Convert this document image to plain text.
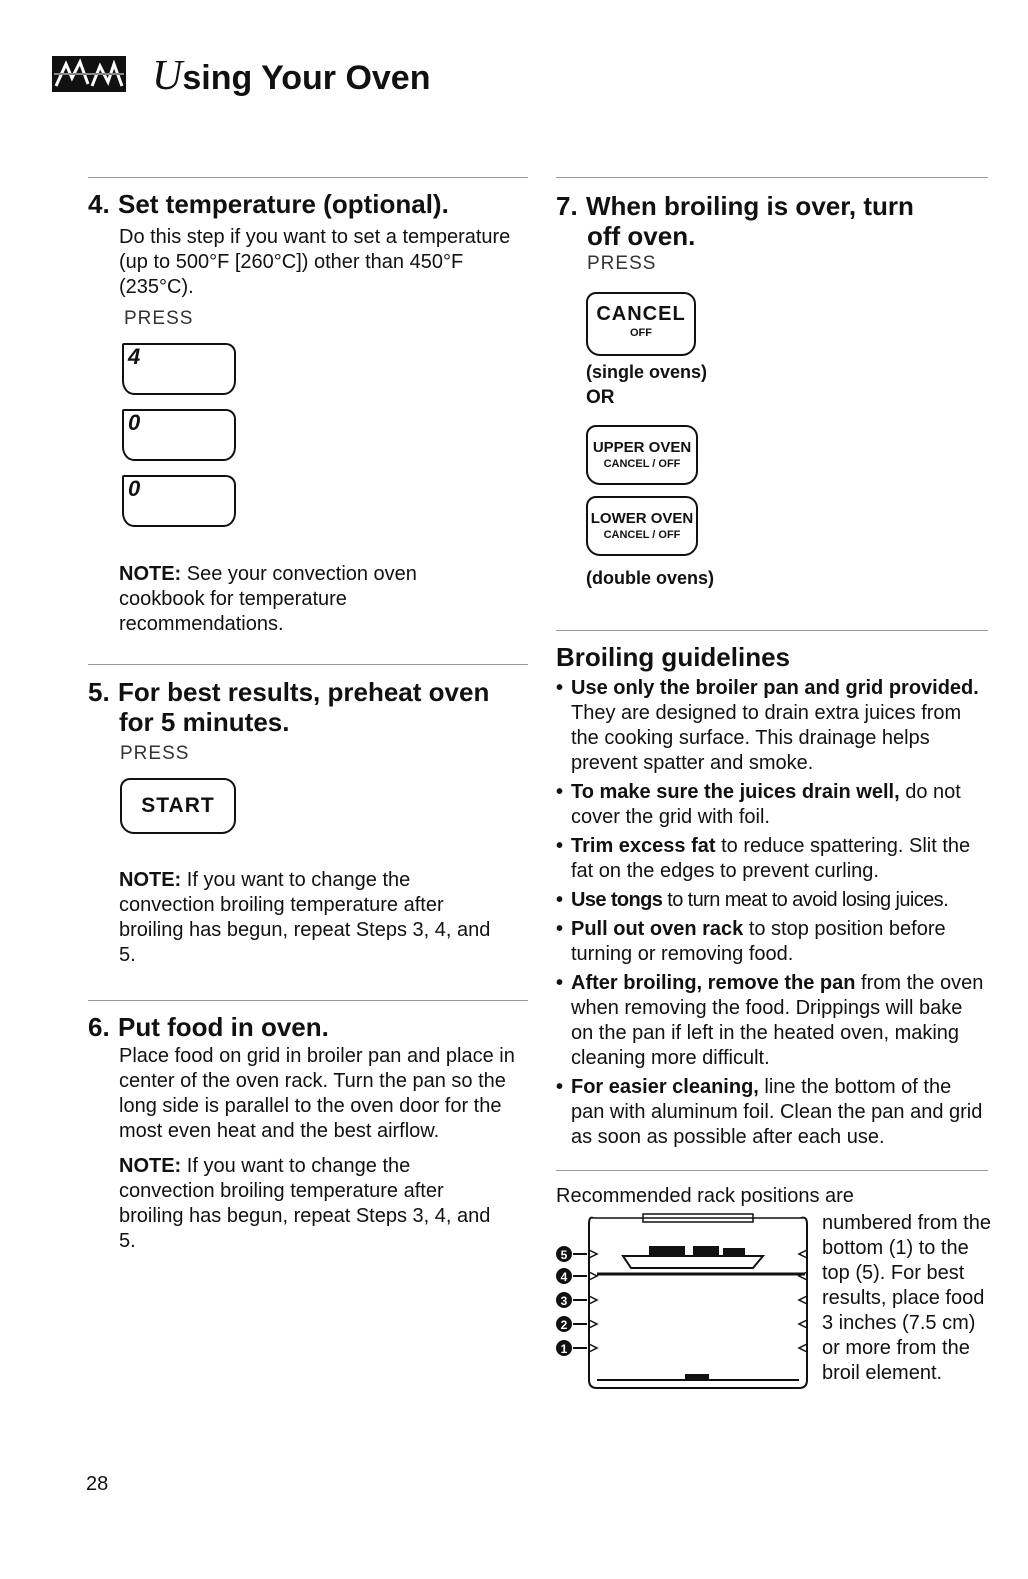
Using Your Oven
4. Set temperature (optional).

Do this step if you want to set a temperature (up to 500°F [260°C]) other than 450°F (235°C).

PRESS

4
0
0

NOTE: See your convection oven cookbook for temperature recommendations.

5. For best results, preheat oven
for 5 minutes.

PRESS

START

NOTE: If you want to change the convection broiling temperature after broiling has begun, repeat Steps 3, 4, and 5.

6. Put food in oven.

Place food on grid in broiler pan and place in center of the oven rack. Turn the pan so the long side is parallel to the oven door for the most even heat and the best airflow.

NOTE: If you want to change the convection broiling temperature after broiling has begun, repeat Steps 3, 4, and 5.

28
7. When broiling is over, turn
off oven.

PRESS

CANCEL
OFF
(single ovens)
OR
UPPER OVEN
CANCEL / OFF
LOWER OVEN
CANCEL / OFF
(double ovens)
Broiling guidelines
• Use only the broiler pan and grid provided. They are designed to drain extra juices from the cooking surface. This drainage helps prevent spatter and smoke.
• To make sure the juices drain well, do not cover the grid with foil.
• Trim excess fat to reduce spattering. Slit the fat on the edges to prevent curling.
• Use tongs to turn meat to avoid losing juices.
• Pull out oven rack to stop position before turning or removing food.
• After broiling, remove the pan from the oven when removing the food. Drippings will bake on the pan if left in the heated oven, making cleaning more difficult.
• For easier cleaning, line the bottom of the pan with aluminum foil. Clean the pan and grid as soon as possible after each use.
Recommended rack positions are
numbered from the bottom (1) to the top (5). For best results, place food 3 inches (7.5 cm) or more from the broil element.
5
4
3
2
1
